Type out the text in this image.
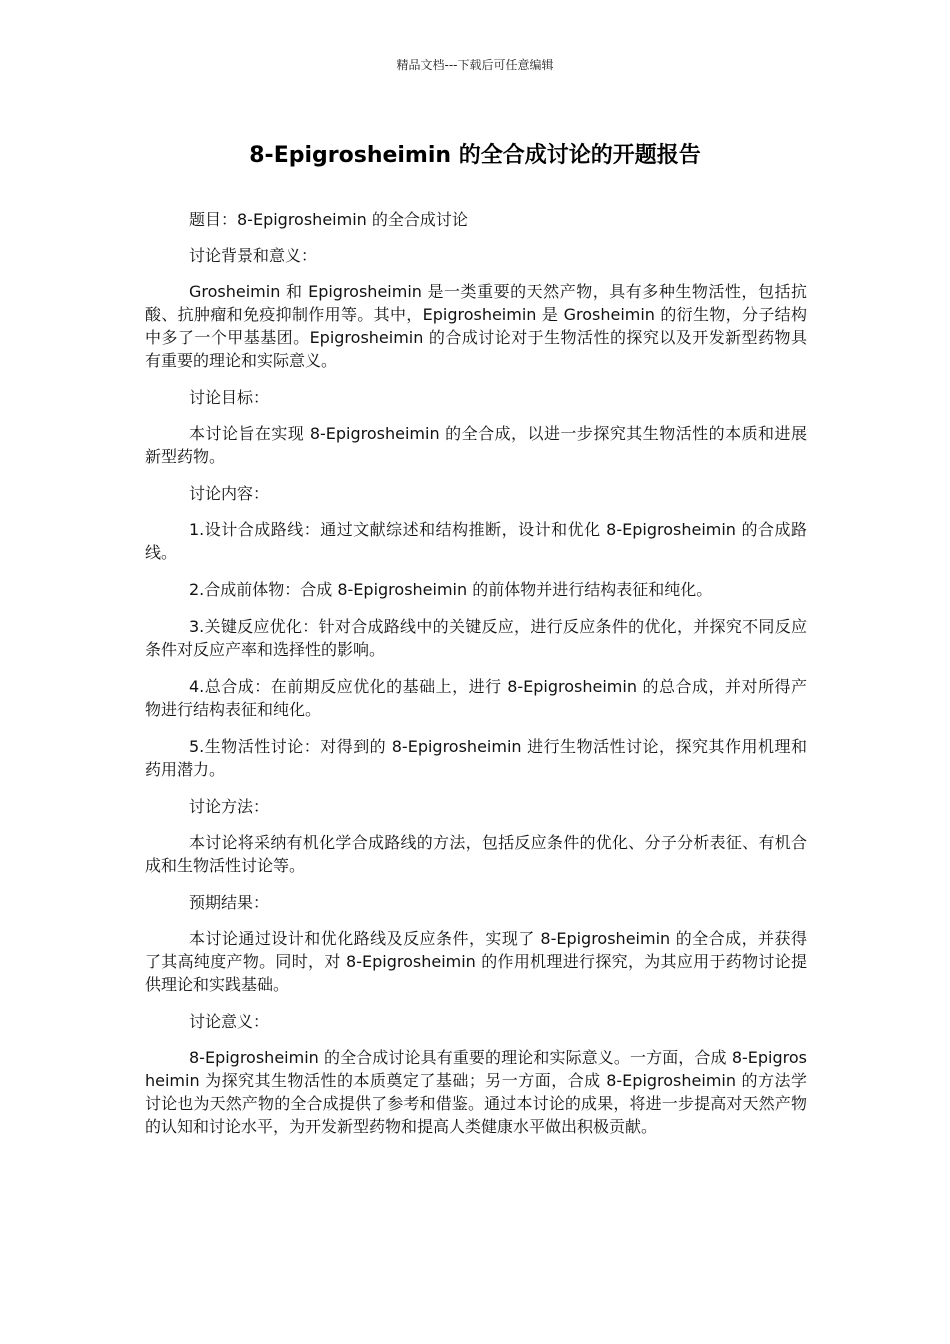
精品文档---下载后可任意编辑
8-Epigrosheimin 的全合成讨论的开题报告

题目：8-Epigrosheimin 的全合成讨论

讨论背景和意义：

Grosheimin 和 Epigrosheimin 是一类重要的天然产物，具有多种生物活性，包括抗酸、抗肿瘤和免疫抑制作用等。其中，Epigrosheimin 是 Grosheimin 的衍生物，分子结构中多了一个甲基基团。Epigrosheimin 的合成讨论对于生物活性的探究以及开发新型药物具有重要的理论和实际意义。

讨论目标：

本讨论旨在实现 8-Epigrosheimin 的全合成，以进一步探究其生物活性的本质和进展新型药物。

讨论内容：

1.设计合成路线：通过文献综述和结构推断，设计和优化 8-Epigrosheimin 的合成路线。

2.合成前体物：合成 8-Epigrosheimin 的前体物并进行结构表征和纯化。

3.关键反应优化：针对合成路线中的关键反应，进行反应条件的优化，并探究不同反应条件对反应产率和选择性的影响。

4.总合成：在前期反应优化的基础上，进行 8-Epigrosheimin 的总合成，并对所得产物进行结构表征和纯化。

5.生物活性讨论：对得到的 8-Epigrosheimin 进行生物活性讨论，探究其作用机理和药用潜力。

讨论方法：

本讨论将采纳有机化学合成路线的方法，包括反应条件的优化、分子分析表征、有机合成和生物活性讨论等。

预期结果：

本讨论通过设计和优化路线及反应条件，实现了 8-Epigrosheimin 的全合成，并获得了其高纯度产物。同时，对 8-Epigrosheimin 的作用机理进行探究，为其应用于药物讨论提供理论和实践基础。

讨论意义：

8-Epigrosheimin 的全合成讨论具有重要的理论和实际意义。一方面，合成 8-Epigrosheimin 为探究其生物活性的本质奠定了基础；另一方面，合成 8-Epigrosheimin 的方法学讨论也为天然产物的全合成提供了参考和借鉴。通过本讨论的成果，将进一步提高对天然产物的认知和讨论水平，为开发新型药物和提高人类健康水平做出积极贡献。
